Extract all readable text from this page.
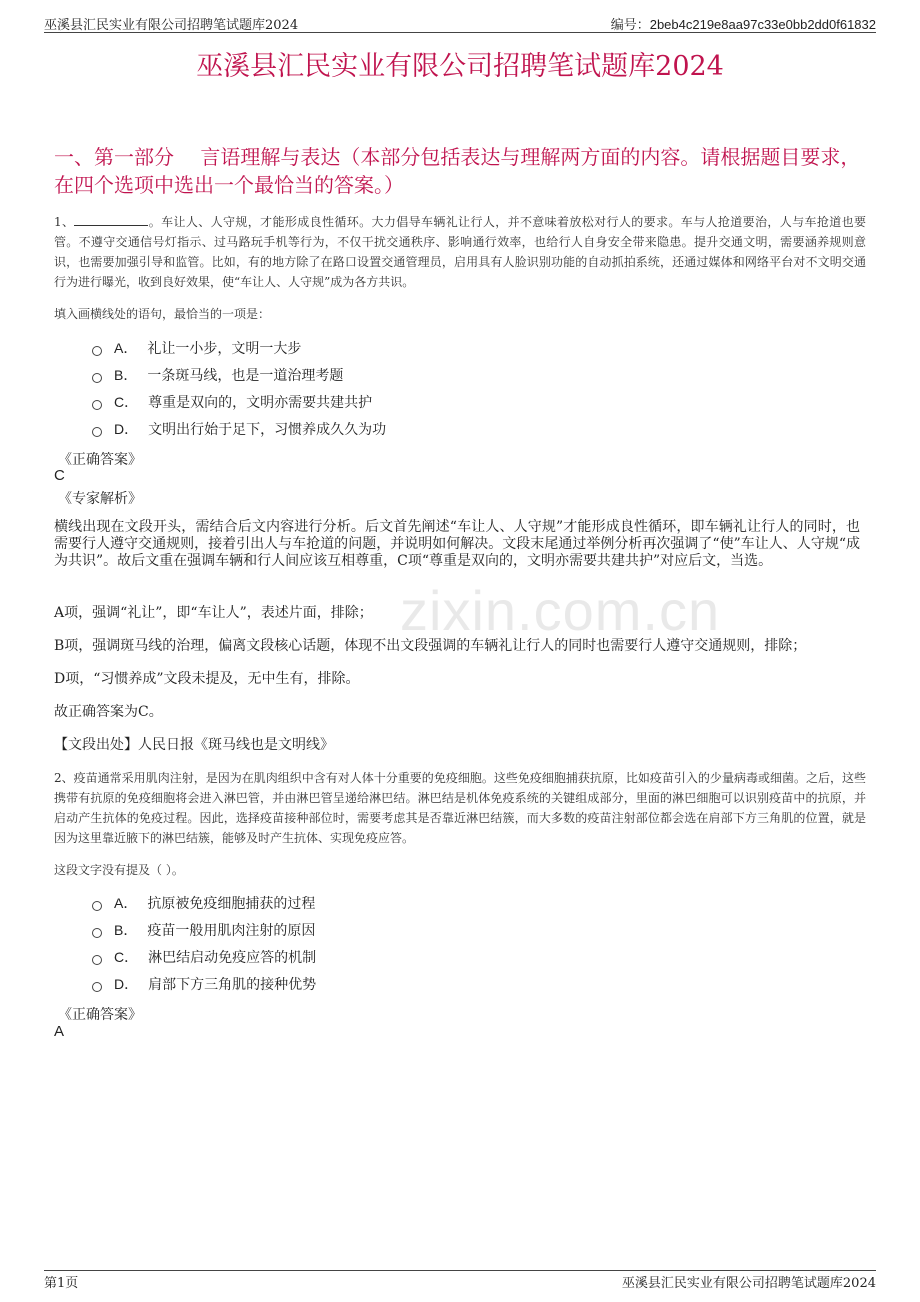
巫溪县汇民实业有限公司招聘笔试题库2024	编号：2beb4c219e8aa97c33e0bb2dd0f61832
巫溪县汇民实业有限公司招聘笔试题库2024
一、第一部分　 言语理解与表达（本部分包括表达与理解两方面的内容。请根据题目要求，在四个选项中选出一个最恰当的答案。）
zixin.com.cn
1、	。车让人、人守规，才能形成良性循环。大力倡导车辆礼让行人，并不意味着放松对行人的要求。车与人抢道要治，人与车抢道也要管。不遵守交通信号灯指示、过马路玩手机等行为，不仅干扰交通秩序、影响通行效率，也给行人自身安全带来隐患。提升交通文明，需要涵养规则意识，也需要加强引导和监管。比如，有的地方除了在路口设置交通管理员，启用具有人脸识别功能的自动抓拍系统，还通过媒体和网络平台对不文明交通行为进行曝光，收到良好效果，使“车让人、人守规”成为各方共识。
填入画横线处的语句，最恰当的一项是：
A． 礼让一小步，文明一大步
B． 一条斑马线，也是一道治理考题
C． 尊重是双向的，文明亦需要共建共护
D． 文明出行始于足下，习惯养成久久为功
《正确答案》
C
《专家解析》
横线出现在文段开头，需结合后文内容进行分析。后文首先阐述“车让人、人守规”才能形成良性循环，即车辆礼让行人的同时，也需要行人遵守交通规则，接着引出人与车抢道的问题，并说明如何解决。文段末尾通过举例分析再次强调了“使”车让人、人守规“成为共识”。故后文重在强调车辆和行人间应该互相尊重，C项“尊重是双向的，文明亦需要共建共护”对应后文，当选。
A项，强调“礼让”，即“车让人”，表述片面，排除；
B项，强调斑马线的治理，偏离文段核心话题，体现不出文段强调的车辆礼让行人的同时也需要行人遵守交通规则，排除；
D项，“习惯养成”文段未提及，无中生有，排除。
故正确答案为C。
【文段出处】人民日报《斑马线也是文明线》
2、疫苗通常采用肌肉注射，是因为在肌肉组织中含有对人体十分重要的免疫细胞。这些免疫细胞捕获抗原，比如疫苗引入的少量病毒或细菌。之后，这些携带有抗原的免疫细胞将会进入淋巴管，并由淋巴管呈递给淋巴结。淋巴结是机体免疫系统的关键组成部分，里面的淋巴细胞可以识别疫苗中的抗原，并启动产生抗体的免疫过程。因此，选择疫苗接种部位时，需要考虑其是否靠近淋巴结簇，而大多数的疫苗注射部位都会选在肩部下方三角肌的位置，就是因为这里靠近腋下的淋巴结簇，能够及时产生抗体、实现免疫应答。
这段文字没有提及（ ）。
A． 抗原被免疫细胞捕获的过程
B． 疫苗一般用肌肉注射的原因
C． 淋巴结启动免疫应答的机制
D． 肩部下方三角肌的接种优势
《正确答案》
A
第1页	巫溪县汇民实业有限公司招聘笔试题库2024
